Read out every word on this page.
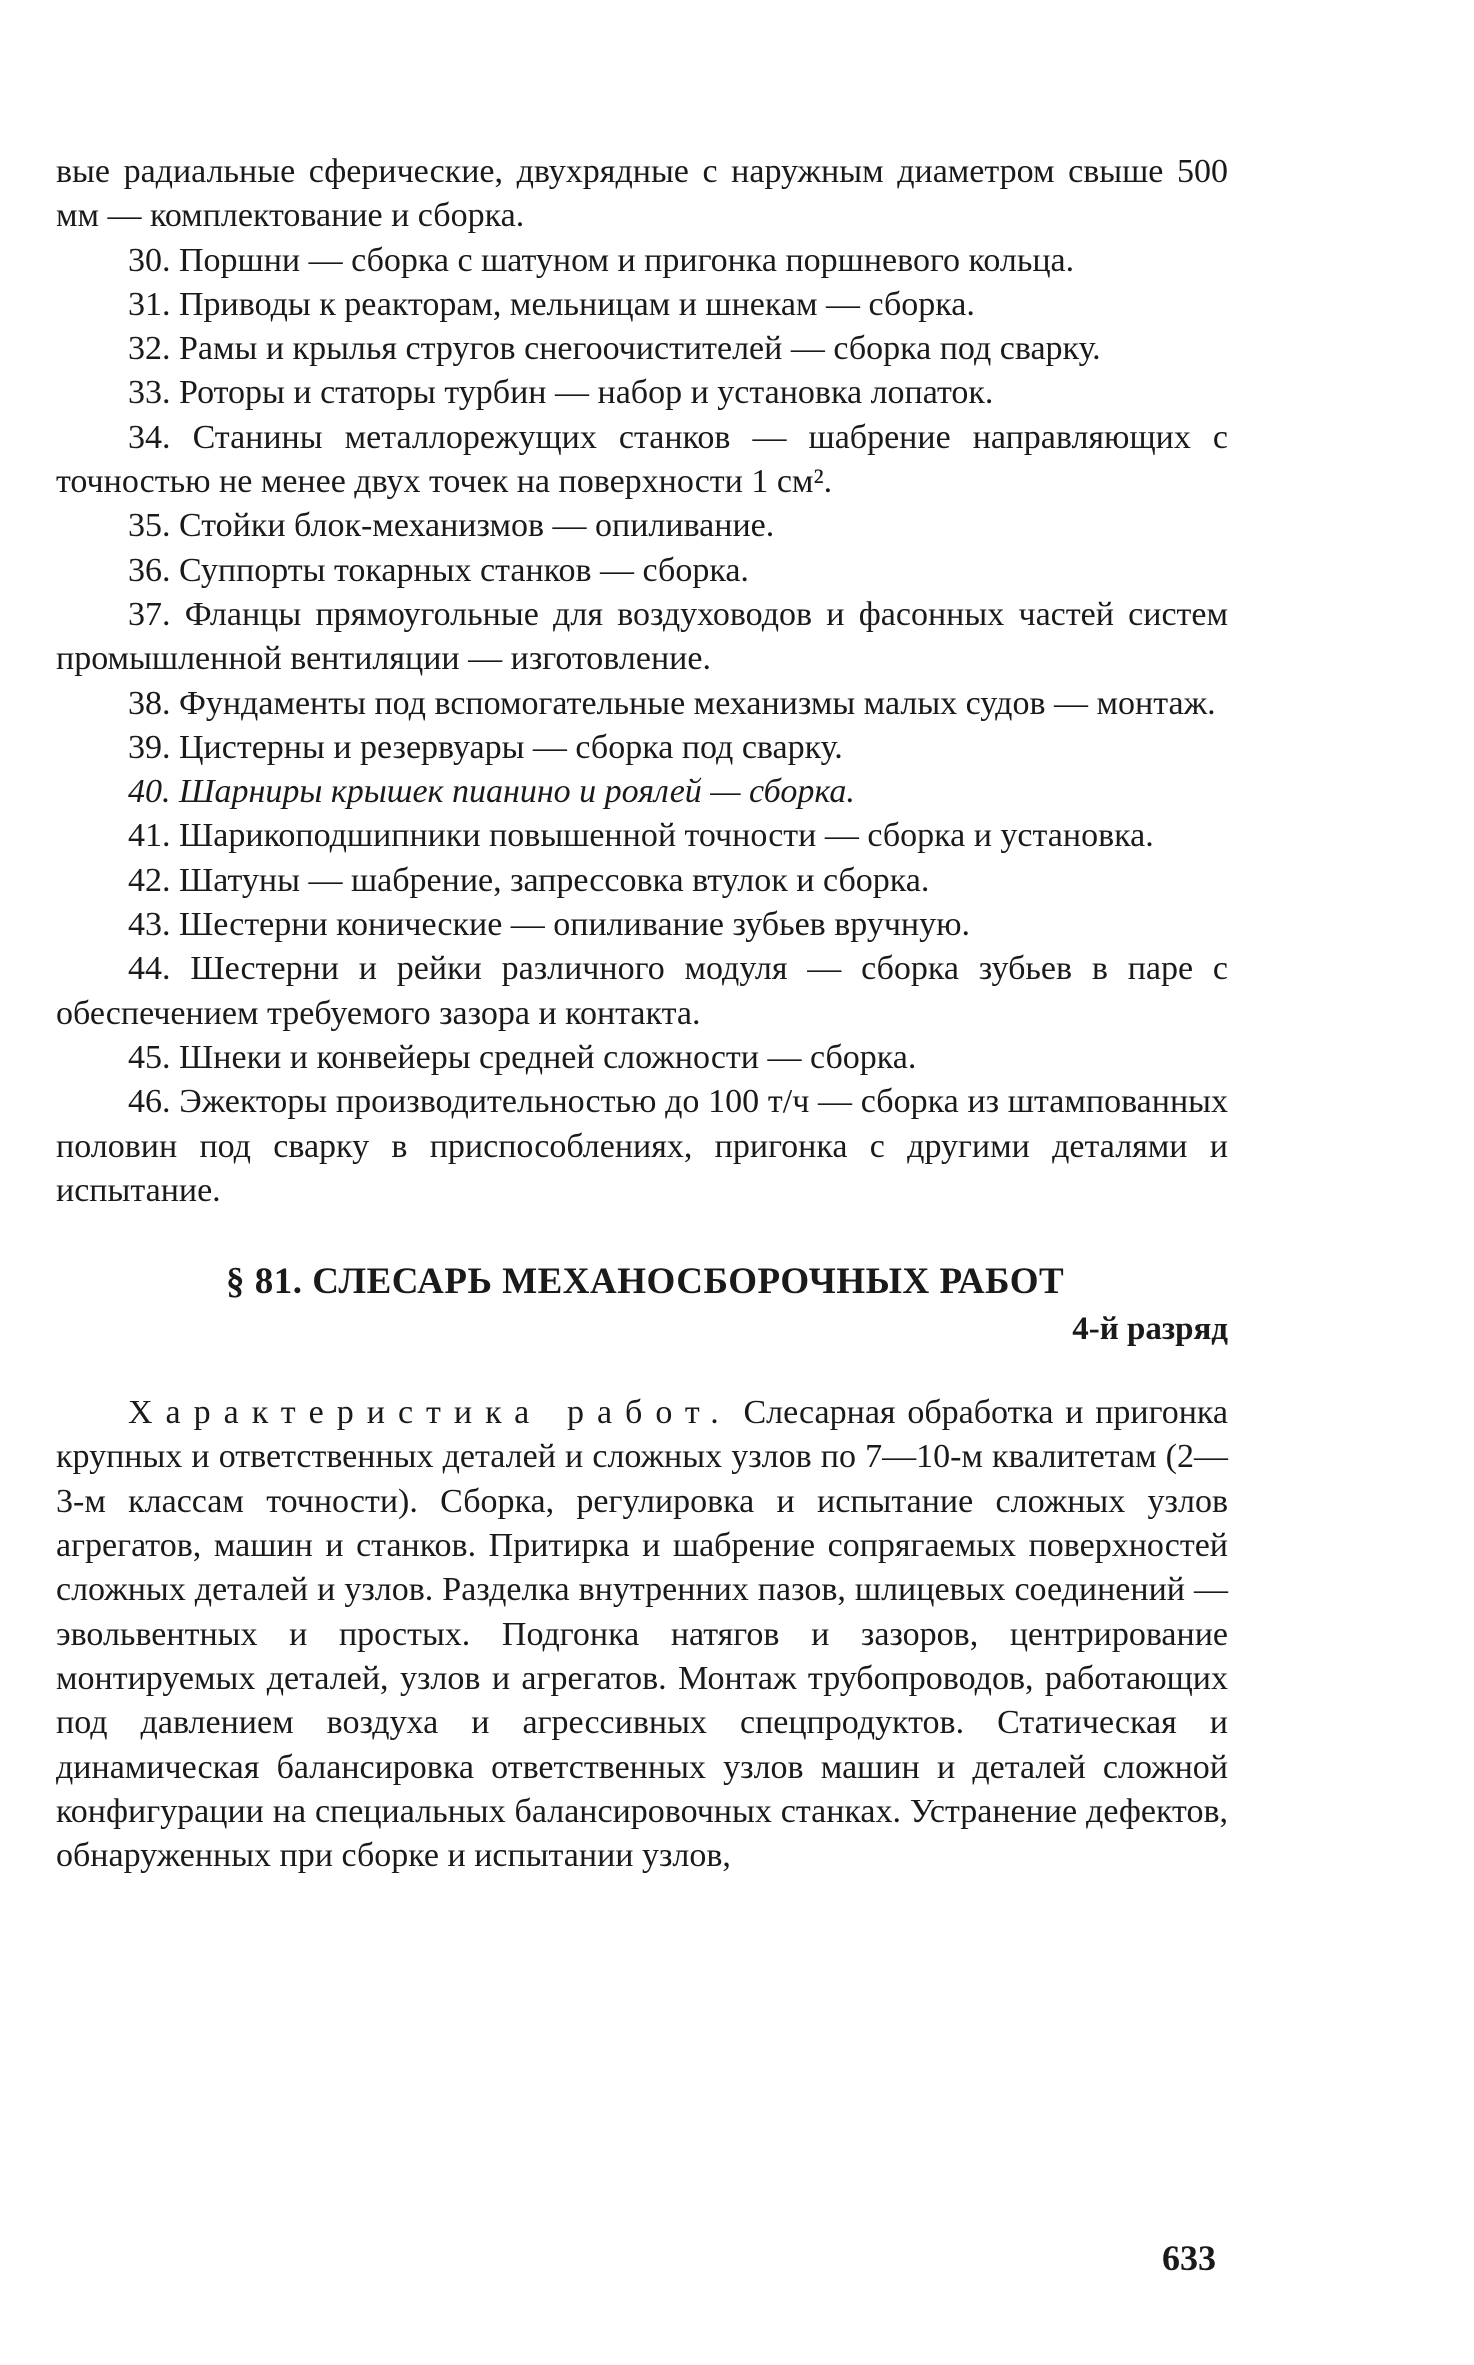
вые радиальные сферические, двухрядные с наружным диаметром свыше 500 мм — комплектование и сборка.

30. Поршни — сборка с шатуном и пригонка поршневого кольца.

31. Приводы к реакторам, мельницам и шнекам — сборка.

32. Рамы и крылья стругов снегоочистителей — сборка под сварку.

33. Роторы и статоры турбин — набор и установка лопаток.

34. Станины металлорежущих станков — шабрение направляющих с точностью не менее двух точек на поверхности 1 см².

35. Стойки блок-механизмов — опиливание.

36. Суппорты токарных станков — сборка.

37. Фланцы прямоугольные для воздуховодов и фасонных частей систем промышленной вентиляции — изготовление.

38. Фундаменты под вспомогательные механизмы малых судов — монтаж.

39. Цистерны и резервуары — сборка под сварку.

40. Шарниры крышек пианино и роялей — сборка.

41. Шарикоподшипники повышенной точности — сборка и установка.

42. Шатуны — шабрение, запрессовка втулок и сборка.

43. Шестерни конические — опиливание зубьев вручную.

44. Шестерни и рейки различного модуля — сборка зубьев в паре с обеспечением требуемого зазора и контакта.

45. Шнеки и конвейеры средней сложности — сборка.

46. Эжекторы производительностью до 100 т/ч — сборка из штампованных половин под сварку в приспособлениях, пригонка с другими деталями и испытание.

§ 81. СЛЕСАРЬ МЕХАНОСБОРОЧНЫХ РАБОТ

4-й разряд

Характеристика работ. Слесарная обработка и пригонка крупных и ответственных деталей и сложных узлов по 7—10-м квалитетам (2—3-м классам точности). Сборка, регулировка и испытание сложных узлов агрегатов, машин и станков. Притирка и шабрение сопрягаемых поверхностей сложных деталей и узлов. Разделка внутренних пазов, шлицевых соединений — эвольвентных и простых. Подгонка натягов и зазоров, центрирование монтируемых деталей, узлов и агрегатов. Монтаж трубопроводов, работающих под давлением воздуха и агрессивных спецпродуктов. Статическая и динамическая балансировка ответственных узлов машин и деталей сложной конфигурации на специальных балансировочных станках. Устранение дефектов, обнаруженных при сборке и испытании узлов,

633
